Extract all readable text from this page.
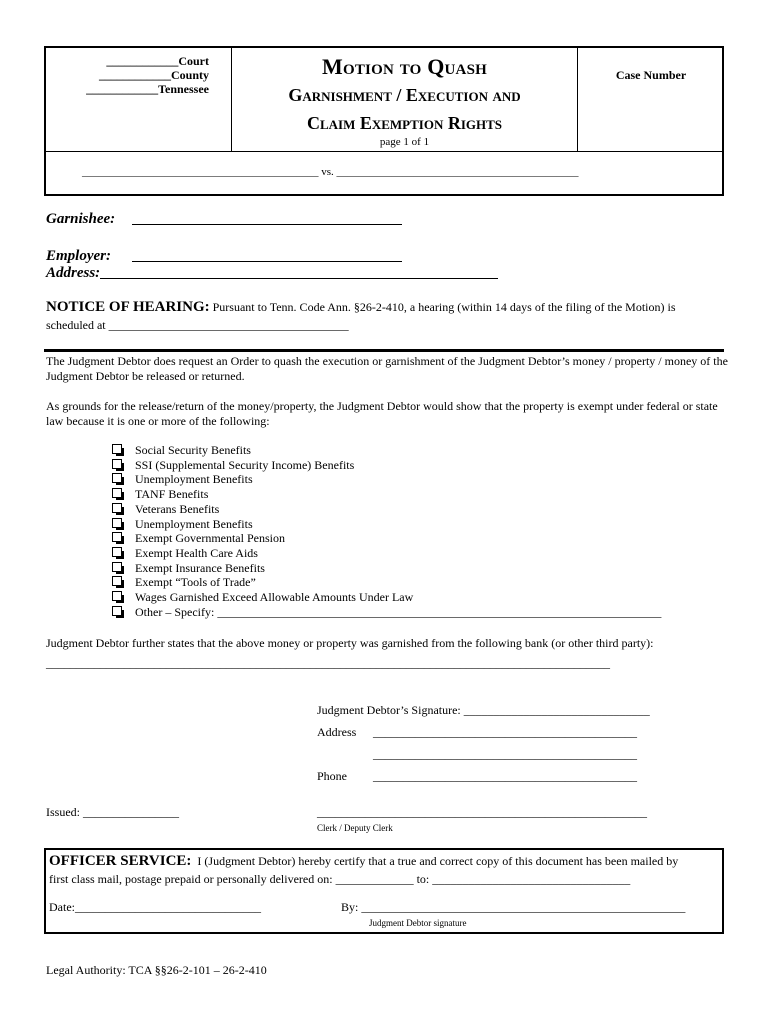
____________Court
____________County
____________Tennessee
Motion to Quash
Garnishment / Execution and
Claim Exemption Rights
page 1 of 1
Case Number
___________________________________________ vs. ____________________________________________
Garnishee:
Employer:
Address:
NOTICE OF HEARING: Pursuant to Tenn. Code Ann. §26-2-410, a hearing (within 14 days of the filing of the Motion) is
scheduled at ________________________________________
The Judgment Debtor does request an Order to quash the execution or garnishment of the Judgment Debtor’s money / property / money of the Judgment Debtor be released or returned.
As grounds for the release/return of the money/property, the Judgment Debtor would show that the property is exempt under federal or state law because it is one or more of the following:
Social Security Benefits
SSI (Supplemental Security Income) Benefits
Unemployment Benefits
TANF Benefits
Veterans Benefits
Unemployment Benefits
Exempt Governmental Pension
Exempt Health Care Aids
Exempt Insurance Benefits
Exempt “Tools of Trade”
Wages Garnished Exceed Allowable Amounts Under Law
Other – Specify: __________________________________________________________________________
Judgment Debtor further states that the above money or property was garnished from the following bank (or other third party):
______________________________________________________________________________________________
Judgment Debtor’s Signature: _______________________________
Address ____________________________________________
____________________________________________
Phone ____________________________________________
Issued: ________________	_______________________________________________________
Clerk / Deputy Clerk
OFFICER SERVICE: I (Judgment Debtor) hereby certify that a true and correct copy of this document has been mailed by
first class mail, postage prepaid or personally delivered on: _____________ to: _________________________________
Date:_______________________________	By: ______________________________________________________
Judgment Debtor signature
Legal Authority: TCA §§26-2-101 – 26-2-410
